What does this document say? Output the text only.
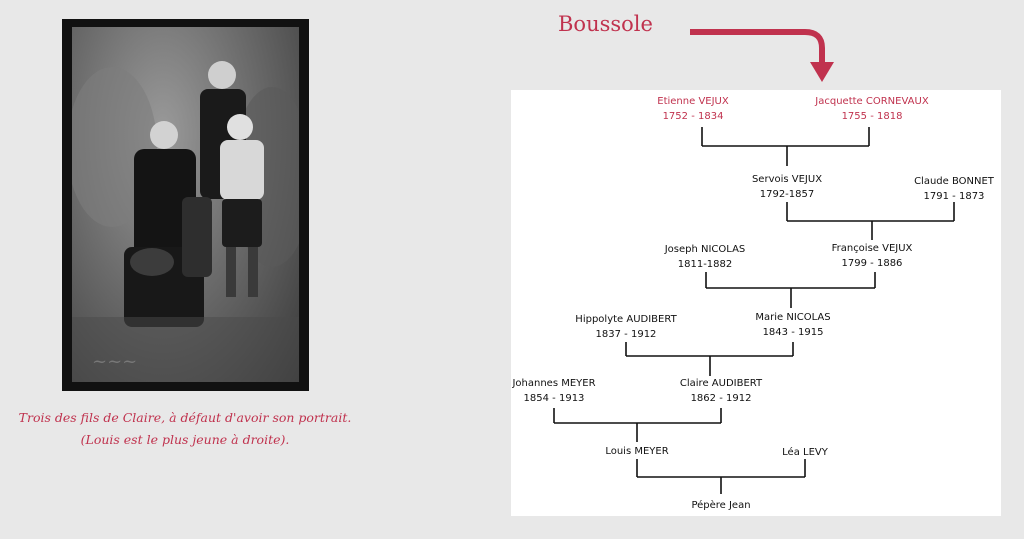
~~~
Trois des fils de Claire, à défaut d'avoir son portrait.
(Louis est le plus jeune à droite).
Boussole
Etienne VEJUX
1752 - 1834
Jacquette CORNEVAUX
1755 - 1818
Servois VEJUX
1792-1857
Claude BONNET
1791 - 1873
Joseph NICOLAS
1811-1882
Françoise VEJUX
1799 - 1886
Hippolyte AUDIBERT
1837 - 1912
Marie NICOLAS
1843 - 1915
Johannes MEYER
1854 - 1913
Claire AUDIBERT
1862 - 1912
Louis MEYER	Léa LEVY
Pépère Jean
